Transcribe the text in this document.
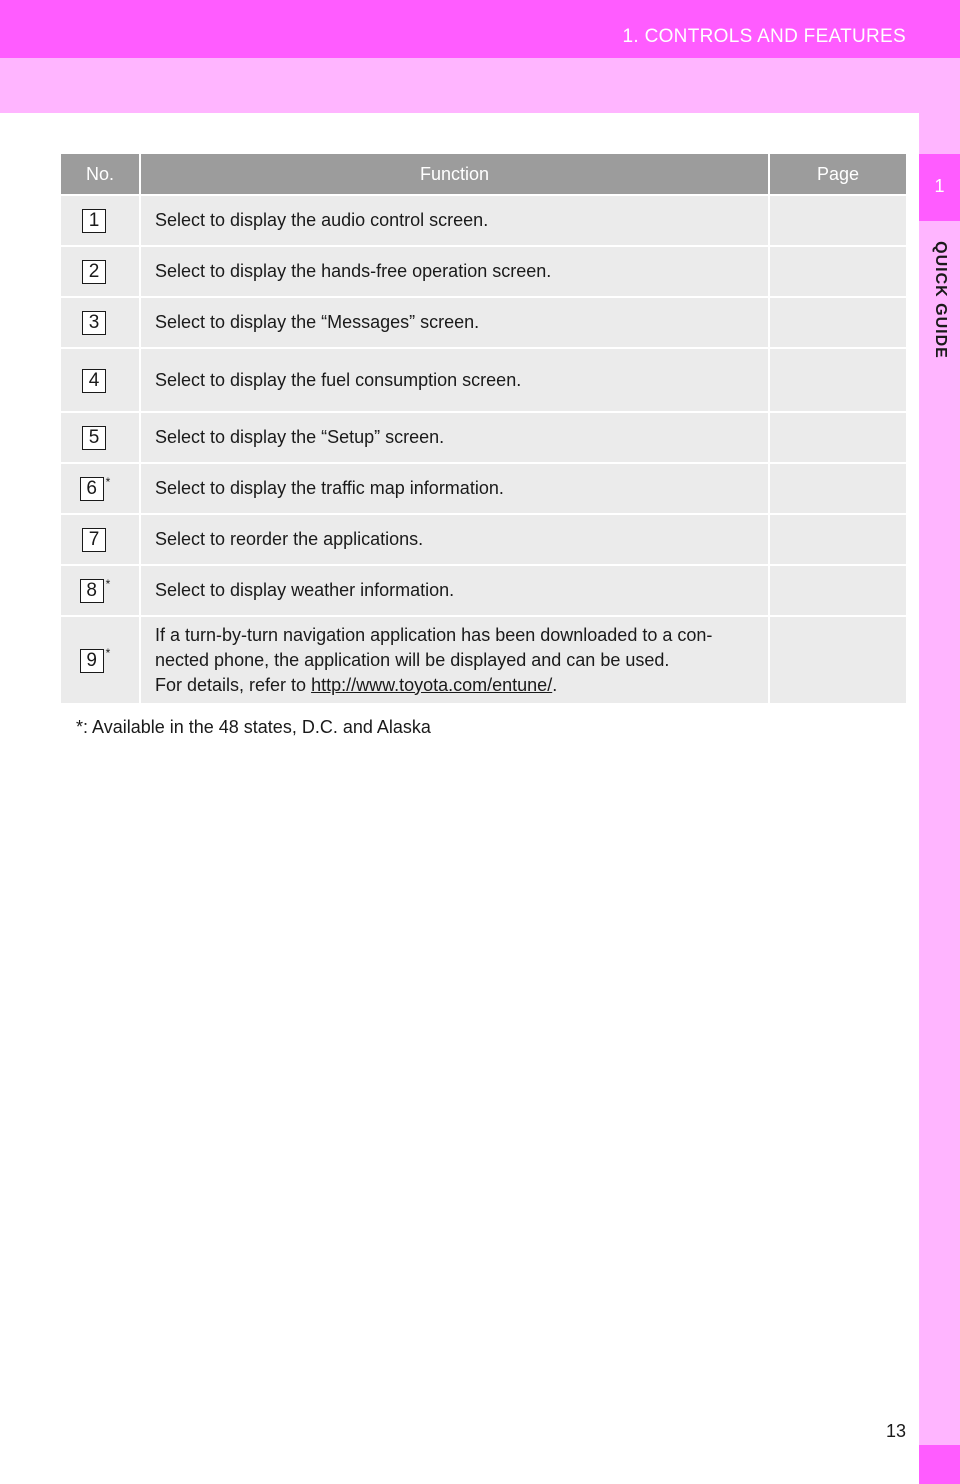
1. CONTROLS AND FEATURES
1
QUICK GUIDE
No.	Function	Page
1	Select to display the audio control screen.	
2	Select to display the hands-free operation screen.	
3	Select to display the “Messages” screen.	
4	Select to display the fuel consumption screen.	
5	Select to display the “Setup” screen.	
6 *	Select to display the traffic map information.	
7	Select to reorder the applications.	
8 *	Select to display weather information.	
9 *	If a turn-by-turn navigation application has been downloaded to a con-
nected phone, the application will be displayed and can be used.
For details, refer to http://www.toyota.com/entune/.	
*: Available in the 48 states, D.C. and Alaska
13
